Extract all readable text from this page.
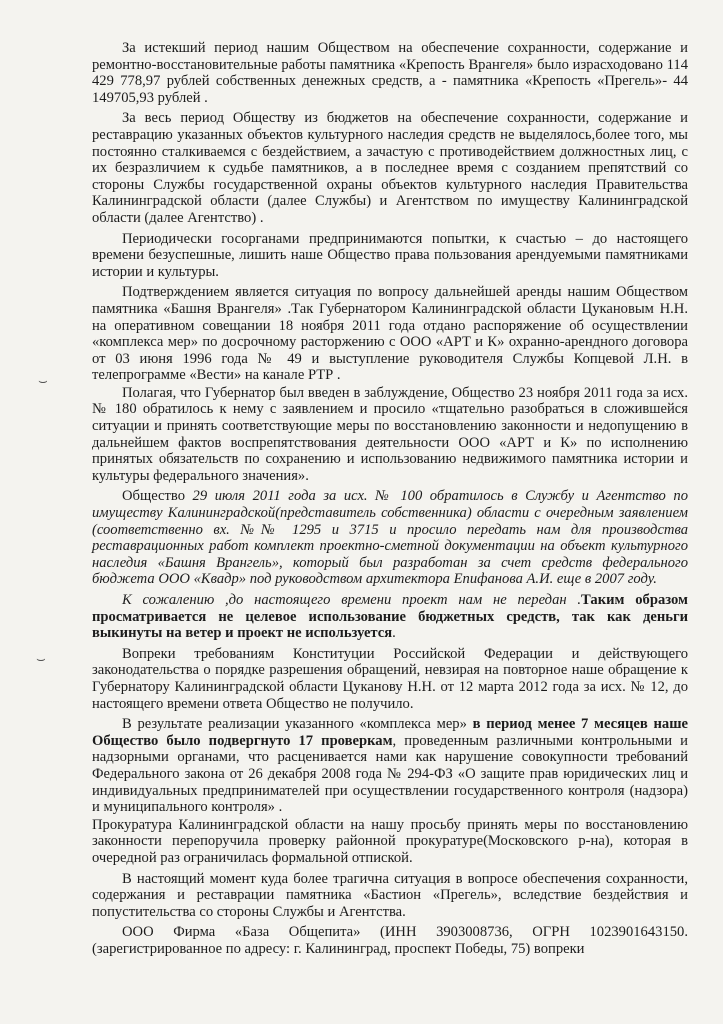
За истекший период нашим Обществом на обеспечение сохранности, содержание и ремонтно-восстановительные работы памятника «Крепость Врангеля» было израсходовано 114 429 778,97 рублей собственных денежных средств, а - памятника «Крепость «Прегель»- 44 149705,93 рублей .

За весь период Обществу из бюджетов на обеспечение сохранности, содержание и реставрацию указанных объектов культурного наследия средств не выделялось,более того, мы постоянно сталкиваемся с бездействием, а зачастую с противодействием должностных лиц, с их безразличием к судьбе памятников, а в последнее время с созданием препятствий со стороны Службы государственной охраны объектов культурного наследия Правительства Калининградской области (далее Службы) и Агентством по имуществу Калининградской области (далее Агентство) .

Периодически госорганами предпринимаются попытки, к счастью – до настоящего времени безуспешные, лишить наше Общество права пользования арендуемыми памятниками истории и культуры.

Подтверждением является ситуация по вопросу дальнейшей аренды нашим Обществом памятника «Башня Врангеля» .Так Губернатором Калининградской области Цукановым Н.Н. на оперативном совещании 18 ноября 2011 года отдано распоряжение об осуществлении «комплекса мер» по досрочному расторжению с ООО «АРТ и К» охранно-арендного договора от 03 июня 1996 года № 49 и выступление руководителя Службы Копцевой Л.Н. в телепрограмме «Вести» на канале РТР .

Полагая, что Губернатор был введен в заблуждение, Общество 23 ноября 2011 года за исх. № 180 обратилось к нему с заявлением и просило «тщательно разобраться в сложившейся ситуации и принять соответствующие меры по восстановлению законности и недопущению в дальнейшем фактов воспрепятствования деятельности ООО «АРТ и К» по исполнению принятых обязательств по сохранению и использованию недвижимого памятника истории и культуры федерального значения».

Общество 29 июля 2011 года за исх. № 100 обратилось в Службу и Агентство по имуществу Калининградской(представитель собственника) области с очередным заявлением (соответственно вх. №№ 1295 и 3715 и просило передать нам для производства реставрационных работ комплект проектно-сметной документации на объект культурного наследия «Башня Врангель», который был разработан за счет средств федерального бюджета ООО «Квадр» под руководством архитектора Епифанова А.И. еще в 2007 году.

К сожалению ,до настоящего времени проект нам не передан .Таким образом просматривается не целевое использование бюджетных средств, так как деньги выкинуты на ветер и проект не используется.

Вопреки требованиям Конституции Российской Федерации и действующего законодательства о порядке разрешения обращений, невзирая на повторное наше обращение к Губернатору Калининградской области Цуканову Н.Н. от 12 марта 2012 года за исх. № 12, до настоящего времени ответа Общество не получило.

В результате реализации указанного «комплекса мер» в период менее 7 месяцев наше Общество было подвергнуто 17 проверкам, проведенным различными контрольными и надзорными органами, что расценивается нами как нарушение совокупности требований Федерального закона от 26 декабря 2008 года № 294-ФЗ «О защите прав юридических лиц и индивидуальных предпринимателей при осуществлении государственного контроля (надзора) и муниципального контроля» .

Прокуратура Калининградской области на нашу просьбу принять меры по восстановлению законности перепоручила проверку районной прокуратуре(Московского р-на), которая в очередной раз ограничилась формальной отпиской.

В настоящий момент куда более трагична ситуация в вопросе обеспечения сохранности, содержания и реставрации памятника «Бастион «Прегель», вследствие бездействия и попустительства со стороны Службы и Агентства.

ООО Фирма «База Общепита» (ИНН 3903008736, ОГРН 1023901643150. (зарегистрированное по адресу: г. Калининград, проспект Победы, 75) вопреки

⌣
⌣
